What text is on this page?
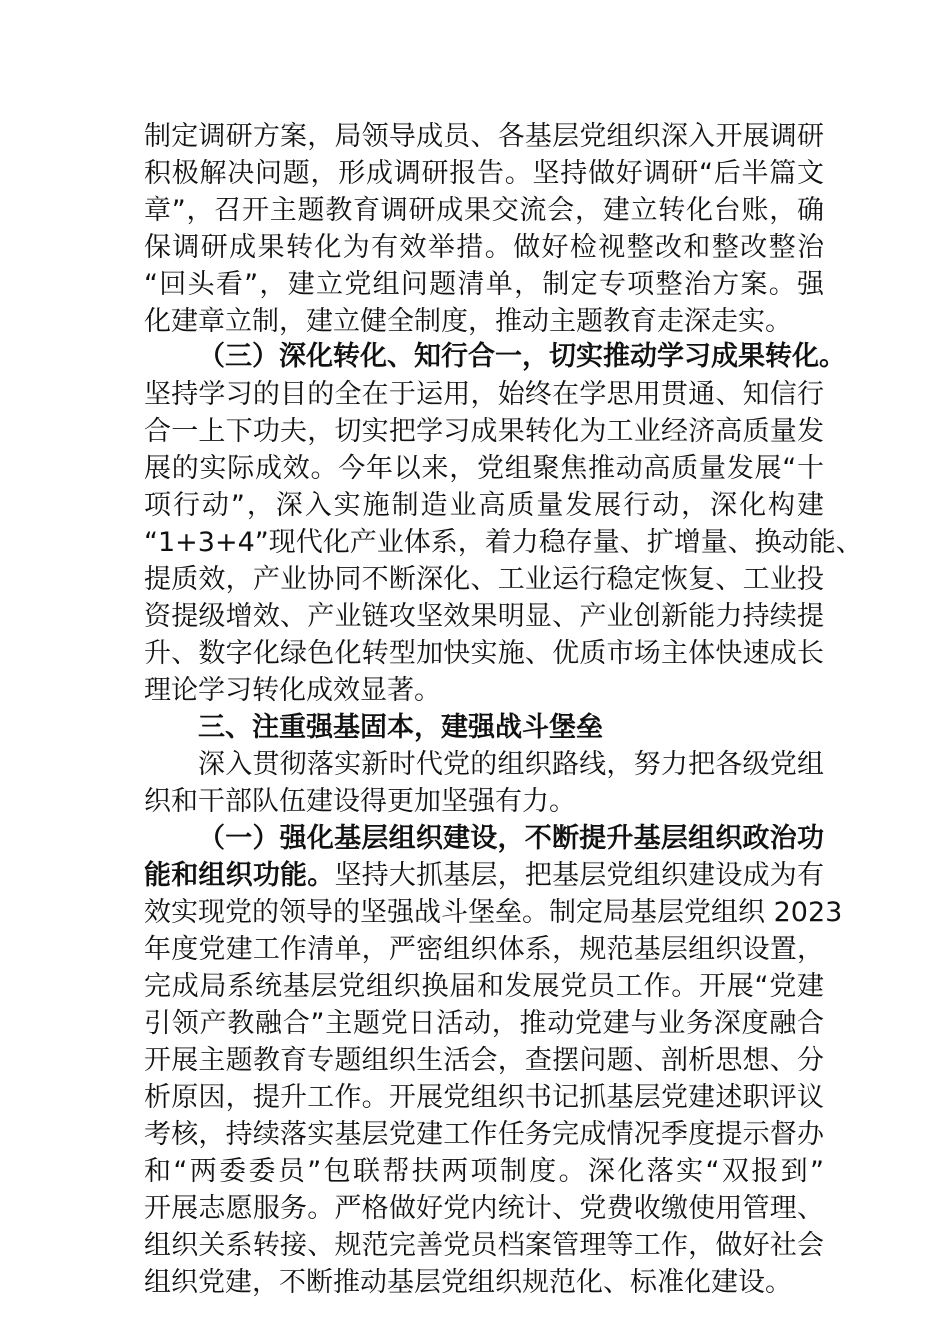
制定调研方案，局领导成员、各基层党组织深入开展调研
积极解决问题，形成调研报告。坚持做好调研“后半篇文
章”，召开主题教育调研成果交流会，建立转化台账，确
保调研成果转化为有效举措。做好检视整改和整改整治
“回头看”，建立党组问题清单，制定专项整治方案。强
化建章立制，建立健全制度，推动主题教育走深走实。
（三）深化转化、知行合一，切实推动学习成果转化。
坚持学习的目的全在于运用，始终在学思用贯通、知信行
合一上下功夫，切实把学习成果转化为工业经济高质量发
展的实际成效。今年以来，党组聚焦推动高质量发展“十
项行动”，深入实施制造业高质量发展行动，深化构建
“1+3+4”现代化产业体系，着力稳存量、扩增量、换动能、
提质效，产业协同不断深化、工业运行稳定恢复、工业投
资提级增效、产业链攻坚效果明显、产业创新能力持续提
升、数字化绿色化转型加快实施、优质市场主体快速成长
理论学习转化成效显著。
三、注重强基固本，建强战斗堡垒
深入贯彻落实新时代党的组织路线，努力把各级党组
织和干部队伍建设得更加坚强有力。
（一）强化基层组织建设，不断提升基层组织政治功
能和组织功能。坚持大抓基层，把基层党组织建设成为有
效实现党的领导的坚强战斗堡垒。制定局基层党组织 2023
年度党建工作清单，严密组织体系，规范基层组织设置，
完成局系统基层党组织换届和发展党员工作。开展“党建
引领产教融合”主题党日活动，推动党建与业务深度融合
开展主题教育专题组织生活会，查摆问题、剖析思想、分
析原因，提升工作。开展党组织书记抓基层党建述职评议
考核，持续落实基层党建工作任务完成情况季度提示督办
和“两委委员”包联帮扶两项制度。深化落实“双报到”
开展志愿服务。严格做好党内统计、党费收缴使用管理、
组织关系转接、规范完善党员档案管理等工作，做好社会
组织党建，不断推动基层党组织规范化、标准化建设。
